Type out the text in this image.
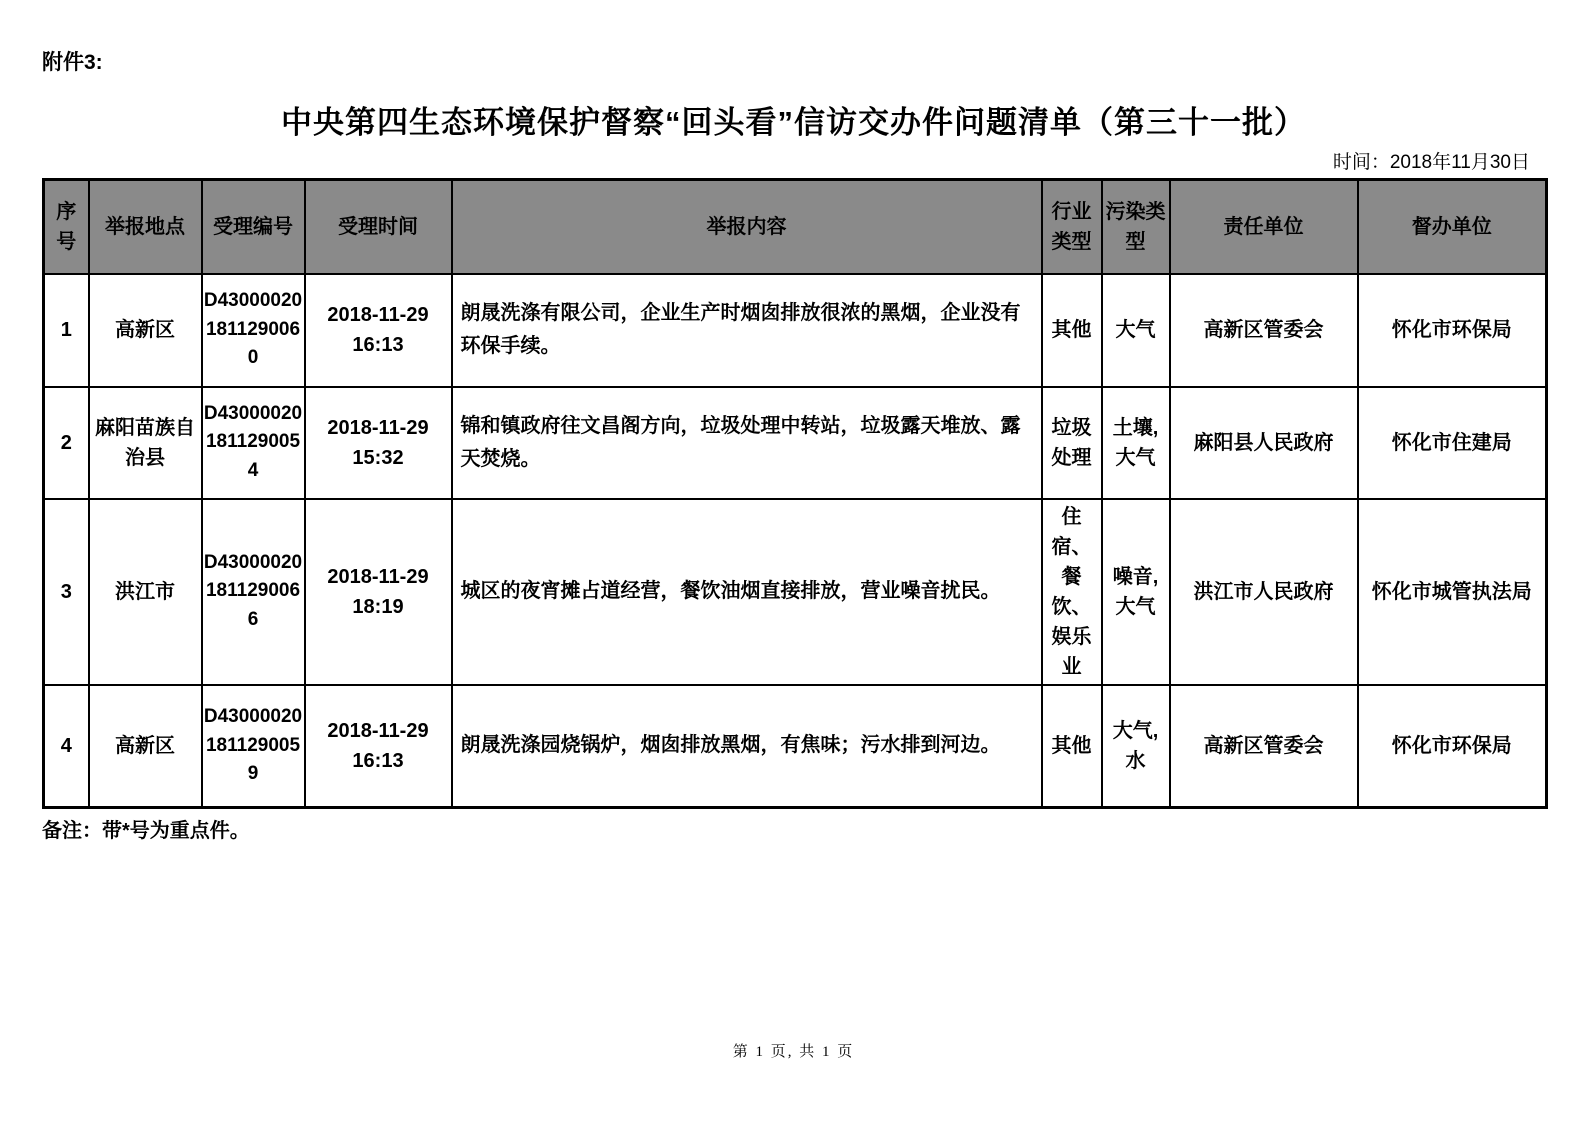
附件3:
中央第四生态环境保护督察“回头看”信访交办件问题清单（第三十一批）
时间：2018年11月30日
序号	举报地点	受理编号	受理时间	举报内容	行业类型	污染类型	责任单位	督办单位
1	高新区	D430000201811290060	2018-11-29 16:13	朗晟洗涤有限公司，企业生产时烟囱排放很浓的黑烟，企业没有环保手续。	其他	大气	高新区管委会	怀化市环保局
2	麻阳苗族自治县	D430000201811290054	2018-11-29 15:32	锦和镇政府往文昌阁方向，垃圾处理中转站，垃圾露天堆放、露天焚烧。	垃圾处理	土壤,大气	麻阳县人民政府	怀化市住建局
3	洪江市	D430000201811290066	2018-11-29 18:19	城区的夜宵摊占道经营，餐饮油烟直接排放，营业噪音扰民。	住宿、餐饮、娱乐业	噪音,大气	洪江市人民政府	怀化市城管执法局
4	高新区	D430000201811290059	2018-11-29 16:13	朗晟洗涤园烧锅炉，烟囱排放黑烟，有焦味；污水排到河边。	其他	大气,水	高新区管委会	怀化市环保局
备注：带*号为重点件。
第 1 页, 共 1 页
